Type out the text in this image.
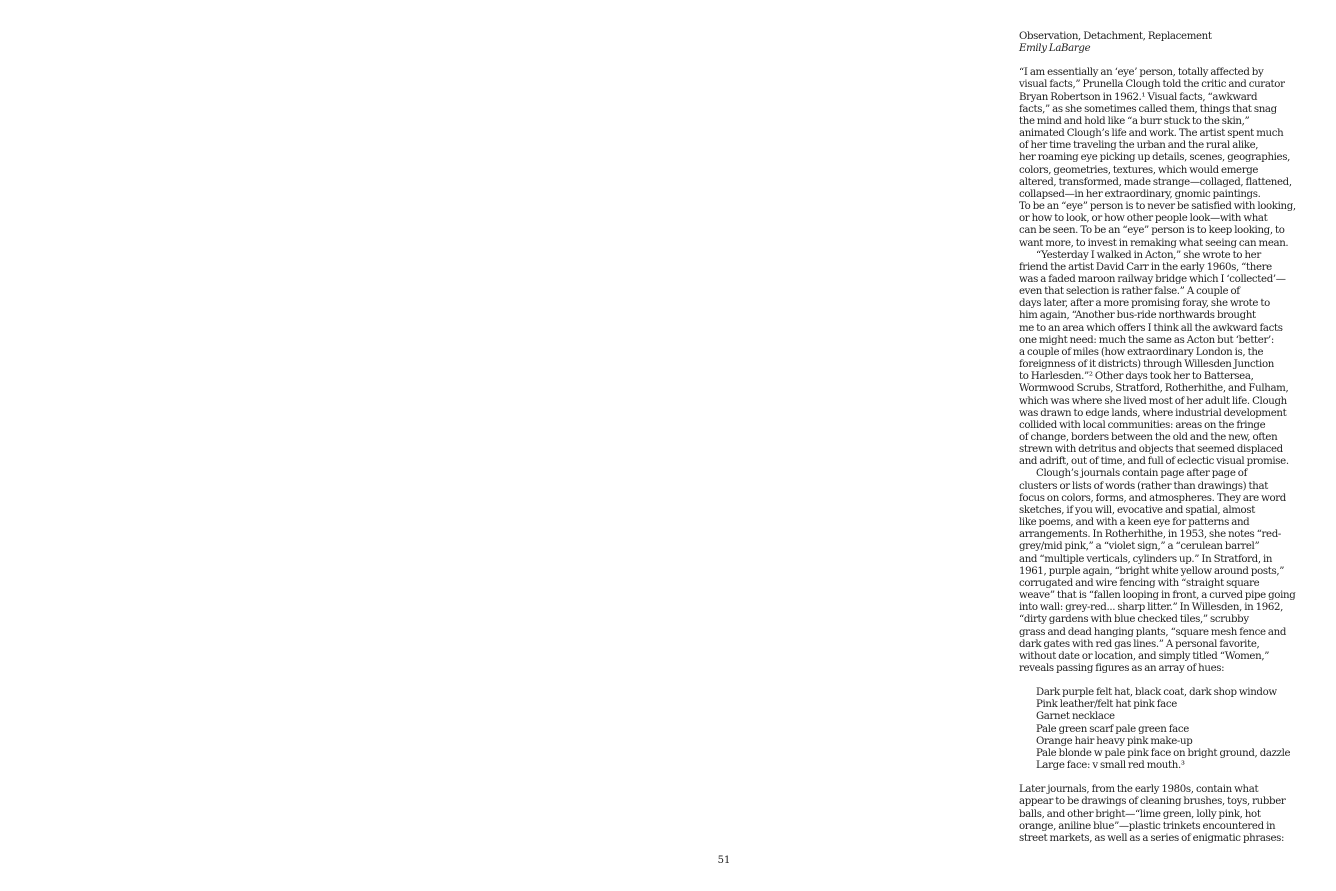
Observation, Detachment, Replacement
Emily LaBarge
“I am essentially an ‘eye’ person, totally affected by
visual facts,” Prunella Clough told the critic and curator
Bryan Robertson in 1962.¹ Visual facts, “awkward
facts,” as she sometimes called them, things that snag
the mind and hold like “a burr stuck to the skin,”
animated Clough’s life and work. The artist spent much
of her time traveling the urban and the rural alike,
her roaming eye picking up details, scenes, geographies,
colors, geometries, textures, which would emerge
altered, transformed, made strange—collaged, flattened,
collapsed—in her extraordinary, gnomic paintings.
To be an “eye” person is to never be satisfied with looking,
or how to look, or how other people look—with what
can be seen. To be an “eye” person is to keep looking, to
want more, to invest in remaking what seeing can mean.
“Yesterday I walked in Acton,” she wrote to her
friend the artist David Carr in the early 1960s, “there
was a faded maroon railway bridge which I ‘collected’—
even that selection is rather false.” A couple of
days later, after a more promising foray, she wrote to
him again, “Another bus-ride northwards brought
me to an area which offers I think all the awkward facts
one might need: much the same as Acton but ‘better’:
a couple of miles (how extraordinary London is, the
foreignness of it districts) through Willesden Junction
to Harlesden.”² Other days took her to Battersea,
Wormwood Scrubs, Stratford, Rotherhithe, and Fulham,
which was where she lived most of her adult life. Clough
was drawn to edge lands, where industrial development
collided with local communities: areas on the fringe
of change, borders between the old and the new, often
strewn with detritus and objects that seemed displaced
and adrift, out of time, and full of eclectic visual promise.
Clough’s journals contain page after page of
clusters or lists of words (rather than drawings) that
focus on colors, forms, and atmospheres. They are word
sketches, if you will, evocative and spatial, almost
like poems, and with a keen eye for patterns and
arrangements. In Rotherhithe, in 1953, she notes “red-
grey/mid pink,” a “violet sign,” a “cerulean barrel”
and “multiple verticals, cylinders up.” In Stratford, in
1961, purple again, “bright white yellow around posts,”
corrugated and wire fencing with “straight square
weave” that is “fallen looping in front, a curved pipe going
into wall: grey-red... sharp litter.” In Willesden, in 1962,
“dirty gardens with blue checked tiles,” scrubby
grass and dead hanging plants, “square mesh fence and
dark gates with red gas lines.” A personal favorite,
without date or location, and simply titled “Women,”
reveals passing figures as an array of hues:
Dark purple felt hat, black coat, dark shop window
Pink leather/felt hat pink face
Garnet necklace
Pale green scarf pale green face
Orange hair heavy pink make-up
Pale blonde w pale pink face on bright ground, dazzle
Large face: v small red mouth.³
Later journals, from the early 1980s, contain what
appear to be drawings of cleaning brushes, toys, rubber
balls, and other bright—“lime green, lolly pink, hot
orange, aniline blue”—plastic trinkets encountered in
street markets, as well as a series of enigmatic phrases:
51
